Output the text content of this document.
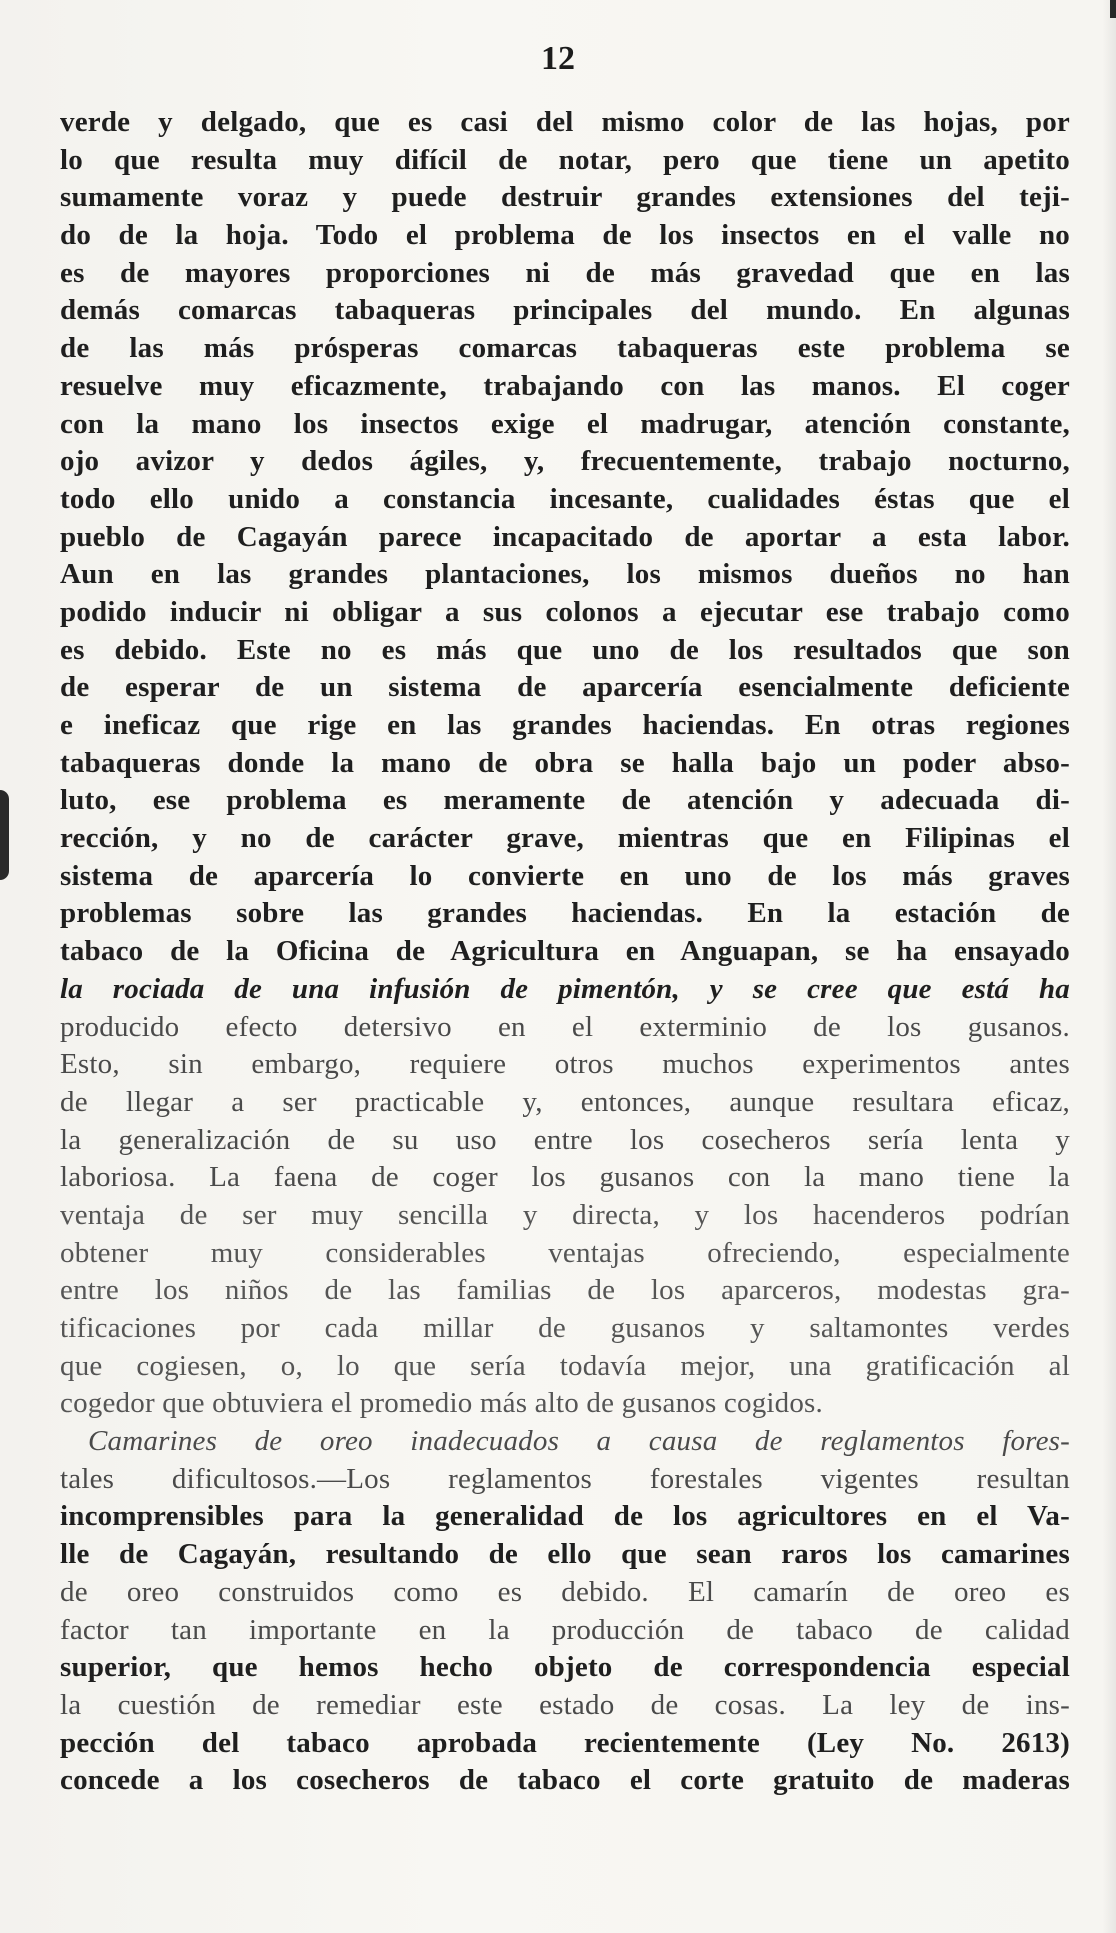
12
verde y delgado, que es casi del mismo color de las hojas, por
lo que resulta muy difícil de notar, pero que tiene un apetito
sumamente voraz y puede destruir grandes extensiones del teji-
do de la hoja. Todo el problema de los insectos en el valle no
es de mayores proporciones ni de más gravedad que en las
demás comarcas tabaqueras principales del mundo. En algunas
de las más prósperas comarcas tabaqueras este problema se
resuelve muy eficazmente, trabajando con las manos. El coger
con la mano los insectos exige el madrugar, atención constante,
ojo avizor y dedos ágiles, y, frecuentemente, trabajo nocturno,
todo ello unido a constancia incesante, cualidades éstas que el
pueblo de Cagayán parece incapacitado de aportar a esta labor.
Aun en las grandes plantaciones, los mismos dueños no han
podido inducir ni obligar a sus colonos a ejecutar ese trabajo como
es debido. Este no es más que uno de los resultados que son
de esperar de un sistema de aparcería esencialmente deficiente
e ineficaz que rige en las grandes haciendas. En otras regiones
tabaqueras donde la mano de obra se halla bajo un poder abso-
luto, ese problema es meramente de atención y adecuada di-
rección, y no de carácter grave, mientras que en Filipinas el
sistema de aparcería lo convierte en uno de los más graves
problemas sobre las grandes haciendas. En la estación de
tabaco de la Oficina de Agricultura en Anguapan, se ha ensayado
la rociada de una infusión de pimentón, y se cree que está ha
producido efecto detersivo en el exterminio de los gusanos.
Esto, sin embargo, requiere otros muchos experimentos antes
de llegar a ser practicable y, entonces, aunque resultara eficaz,
la generalización de su uso entre los cosecheros sería lenta y
laboriosa. La faena de coger los gusanos con la mano tiene la
ventaja de ser muy sencilla y directa, y los hacenderos podrían
obtener muy considerables ventajas ofreciendo, especialmente
entre los niños de las familias de los aparceros, modestas gra-
tificaciones por cada millar de gusanos y saltamontes verdes
que cogiesen, o, lo que sería todavía mejor, una gratificación al
cogedor que obtuviera el promedio más alto de gusanos cogidos.
Camarines de oreo inadecuados a causa de reglamentos fores-
tales dificultosos.—Los reglamentos forestales vigentes resultan
incomprensibles para la generalidad de los agricultores en el Va-
lle de Cagayán, resultando de ello que sean raros los camarines
de oreo construidos como es debido. El camarín de oreo es
factor tan importante en la producción de tabaco de calidad
superior, que hemos hecho objeto de correspondencia especial
la cuestión de remediar este estado de cosas. La ley de ins-
pección del tabaco aprobada recientemente (Ley No. 2613)
concede a los cosecheros de tabaco el corte gratuito de maderas
